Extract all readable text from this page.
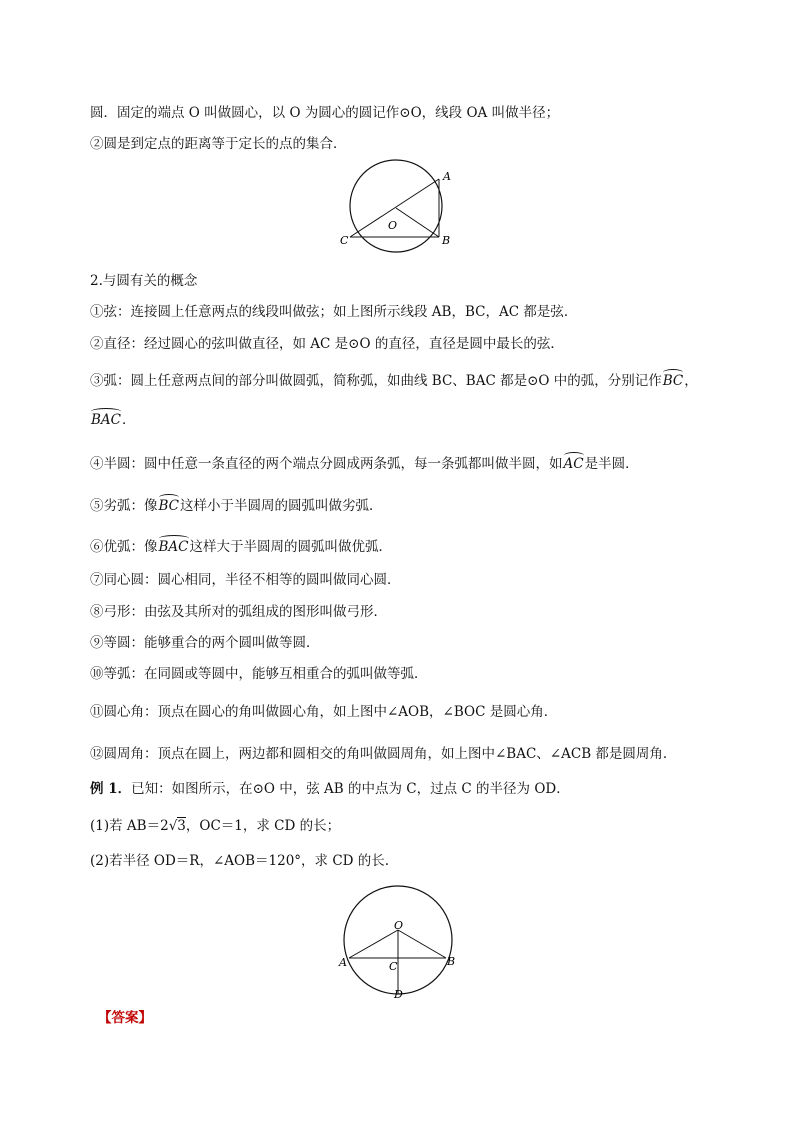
圆．固定的端点 O 叫做圆心，以 O 为圆心的圆记作⊙O，线段 OA 叫做半径；
②圆是到定点的距离等于定长的点的集合．
A
B
C
O
2.与圆有关的概念
①弦：连接圆上任意两点的线段叫做弦；如上图所示线段 AB，BC，AC 都是弦．
②直径：经过圆心的弦叫做直径，如 AC 是⊙O 的直径，直径是圆中最长的弦．
③弧：圆上任意两点间的部分叫做圆弧，简称弧，如曲线 BC、BAC 都是⊙O 中的弧，分别记作BC，
BAC．
④半圆：圆中任意一条直径的两个端点分圆成两条弧，每一条弧都叫做半圆，如AC是半圆．
⑤劣弧：像BC这样小于半圆周的圆弧叫做劣弧．
⑥优弧：像BAC这样大于半圆周的圆弧叫做优弧．
⑦同心圆：圆心相同，半径不相等的圆叫做同心圆．
⑧弓形：由弦及其所对的弧组成的图形叫做弓形．
⑨等圆：能够重合的两个圆叫做等圆．
⑩等弧：在同圆或等圆中，能够互相重合的弧叫做等弧．
⑪圆心角：顶点在圆心的角叫做圆心角，如上图中∠AOB，∠BOC 是圆心角．
⑫圆周角：顶点在圆上，两边都和圆相交的角叫做圆周角，如上图中∠BAC、∠ACB 都是圆周角．
例 1．已知：如图所示，在⊙O 中，弦 AB 的中点为 C，过点 C 的半径为 OD．
(1)若 AB＝2√3，OC＝1，求 CD 的长；
(2)若半径 OD＝R，∠AOB＝120°，求 CD 的长.
O
A	B
C
D
【答案】
